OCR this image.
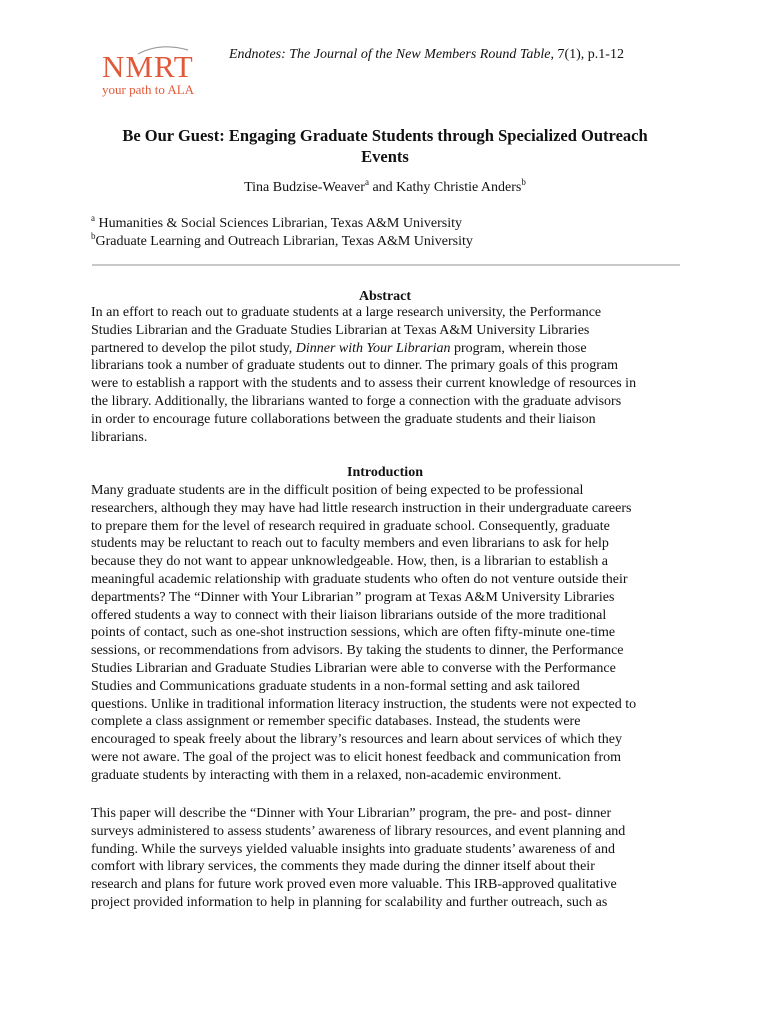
NMRT
your path to ALA
Endnotes: The Journal of the New Members Round Table, 7(1), p.1-12
Be Our Guest: Engaging Graduate Students through Specialized Outreach
Events
Tina Budzise-Weaver$^a$ and Kathy Christie Anders$^b$
$^a$ Humanities & Social Sciences Librarian, Texas A&M University
$^b$Graduate Learning and Outreach Librarian, Texas A&M University
Abstract
In an effort to reach out to graduate students at a large research university, the Performance
Studies Librarian and the Graduate Studies Librarian at Texas A&M University Libraries
partnered to develop the pilot study, Dinner with Your Librarian program, wherein those
librarians took a number of graduate students out to dinner. The primary goals of this program
were to establish a rapport with the students and to assess their current knowledge of resources in
the library. Additionally, the librarians wanted to forge a connection with the graduate advisors
in order to encourage future collaborations between the graduate students and their liaison
librarians.
Introduction
Many graduate students are in the difficult position of being expected to be professional
researchers, although they may have had little research instruction in their undergraduate careers
to prepare them for the level of research required in graduate school. Consequently, graduate
students may be reluctant to reach out to faculty members and even librarians to ask for help
because they do not want to appear unknowledgeable. How, then, is a librarian to establish a
meaningful academic relationship with graduate students who often do not venture outside their
departments? The “Dinner with Your Librarian” program at Texas A&M University Libraries
offered students a way to connect with their liaison librarians outside of the more traditional
points of contact, such as one-shot instruction sessions, which are often fifty-minute one-time
sessions, or recommendations from advisors. By taking the students to dinner, the Performance
Studies Librarian and Graduate Studies Librarian were able to converse with the Performance
Studies and Communications graduate students in a non-formal setting and ask tailored
questions. Unlike in traditional information literacy instruction, the students were not expected to
complete a class assignment or remember specific databases. Instead, the students were
encouraged to speak freely about the library’s resources and learn about services of which they
were not aware. The goal of the project was to elicit honest feedback and communication from
graduate students by interacting with them in a relaxed, non-academic environment.
This paper will describe the “Dinner with Your Librarian” program, the pre- and post- dinner
surveys administered to assess students’ awareness of library resources, and event planning and
funding. While the surveys yielded valuable insights into graduate students’ awareness of and
comfort with library services, the comments they made during the dinner itself about their
research and plans for future work proved even more valuable. This IRB-approved qualitative
project provided information to help in planning for scalability and further outreach, such as
